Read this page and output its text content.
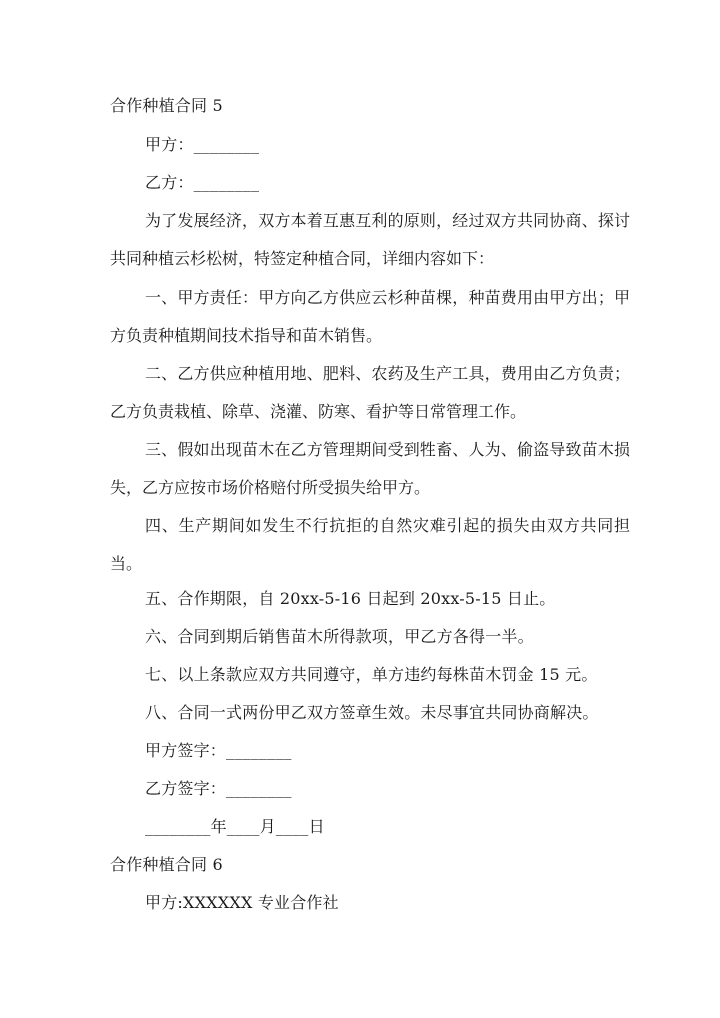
合作种植合同 5
甲方：________
乙方：________
为了发展经济，双方本着互惠互利的原则，经过双方共同协商、探讨共同种植云杉松树，特签定种植合同，详细内容如下：
一、甲方责任：甲方向乙方供应云杉种苗棵，种苗费用由甲方出；甲方负责种植期间技术指导和苗木销售。
二、乙方供应种植用地、肥料、农药及生产工具，费用由乙方负责；乙方负责栽植、除草、浇灌、防寒、看护等日常管理工作。
三、假如出现苗木在乙方管理期间受到牲畜、人为、偷盗导致苗木损失，乙方应按市场价格赔付所受损失给甲方。
四、生产期间如发生不行抗拒的自然灾难引起的损失由双方共同担当。
五、合作期限，自 20xx-5-16 日起到 20xx-5-15 日止。
六、合同到期后销售苗木所得款项，甲乙方各得一半。
七、以上条款应双方共同遵守，单方违约每株苗木罚金 15 元。
八、合同一式两份甲乙双方签章生效。未尽事宜共同协商解决。
甲方签字：________
乙方签字：________
________年____月____日
合作种植合同 6
甲方:XXXXXX 专业合作社
